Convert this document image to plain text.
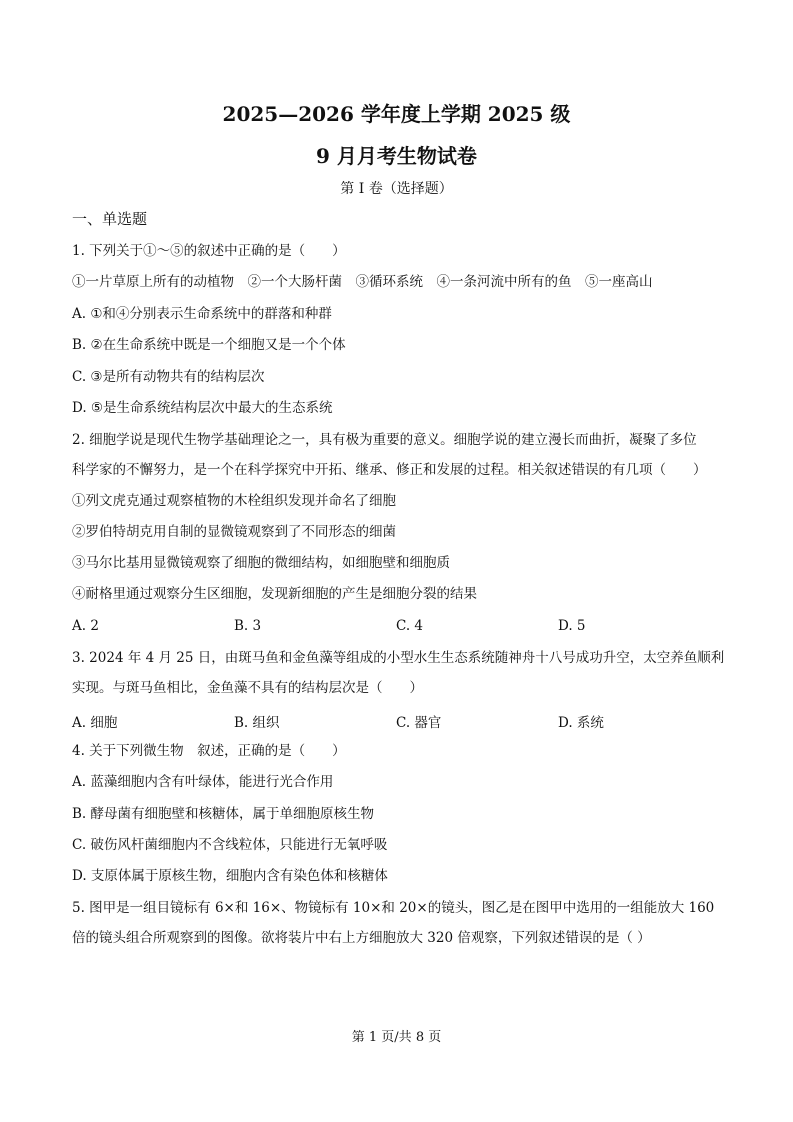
2025—2026 学年度上学期 2025 级
9 月月考生物试卷
第 I 卷（选择题）
一、单选题
1. 下列关于①～⑤的叙述中正确的是（　　）
①一片草原上所有的动植物　②一个大肠杆菌　③循环系统　④一条河流中所有的鱼　⑤一座高山
A. ①和④分别表示生命系统中的群落和种群
B. ②在生命系统中既是一个细胞又是一个个体
C. ③是所有动物共有的结构层次
D. ⑤是生命系统结构层次中最大的生态系统
2. 细胞学说是现代生物学基础理论之一，具有极为重要的意义。细胞学说的建立漫长而曲折，凝聚了多位
科学家的不懈努力，是一个在科学探究中开拓、继承、修正和发展的过程。相关叙述错误的有几项（　　）
①列文虎克通过观察植物的木栓组织发现并命名了细胞
②罗伯特胡克用自制的显微镜观察到了不同形态的细菌
③马尔比基用显微镜观察了细胞的微细结构，如细胞壁和细胞质
④耐格里通过观察分生区细胞，发现新细胞的产生是细胞分裂的结果
A. 2	B. 3	C. 4	D. 5
3. 2024 年 4 月 25 日，由斑马鱼和金鱼藻等组成的小型水生生态系统随神舟十八号成功升空，太空养鱼顺利
实现。与斑马鱼相比，金鱼藻不具有的结构层次是（　　）
A. 细胞	B. 组织	C. 器官	D. 系统
4. 关于下列微生物　叙述，正确的是（　　）
A. 蓝藻细胞内含有叶绿体，能进行光合作用
B. 酵母菌有细胞壁和核糖体，属于单细胞原核生物
C. 破伤风杆菌细胞内不含线粒体，只能进行无氧呼吸
D. 支原体属于原核生物，细胞内含有染色体和核糖体
5. 图甲是一组目镜标有 6×和 16×、物镜标有 10×和 20×的镜头，图乙是在图甲中选用的一组能放大 160
倍的镜头组合所观察到的图像。欲将装片中右上方细胞放大 320 倍观察，下列叙述错误的是（ ）
第 1 页/共 8 页
